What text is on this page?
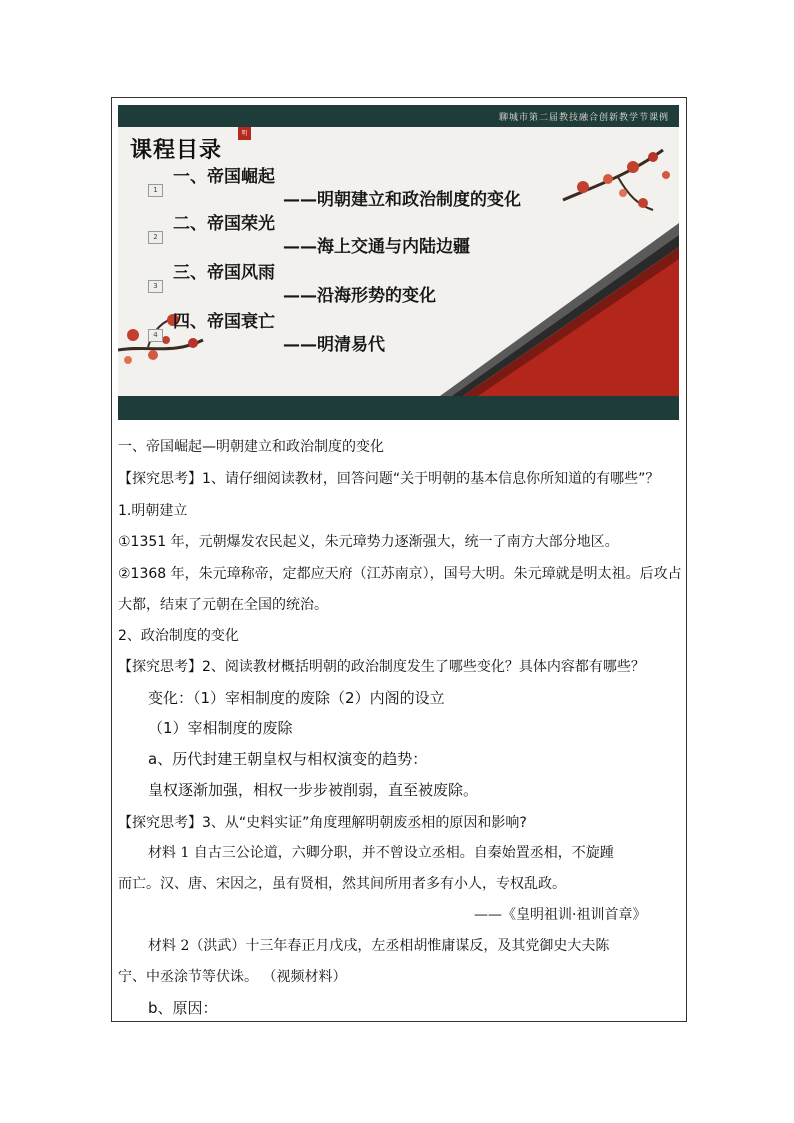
聊城市第二届教技融合创新教学节课例
课程目录
明
1
一、帝国崛起
——明朝建立和政治制度的变化
2
二、帝国荣光
——海上交通与内陆边疆
3
三、帝国风雨
——沿海形势的变化
4
四、帝国衰亡
——明清易代
一、帝国崛起—明朝建立和政治制度的变化
【探究思考】1、请仔细阅读教材，回答问题“关于明朝的基本信息你所知道的有哪些”？
1.明朝建立
①1351 年，元朝爆发农民起义，朱元璋势力逐渐强大，统一了南方大部分地区。
②1368 年，朱元璋称帝，定都应天府（江苏南京），国号大明。朱元璋就是明太祖。后攻占
大都，结束了元朝在全国的统治。
2、政治制度的变化
【探究思考】2、阅读教材概括明朝的政治制度发生了哪些变化？具体内容都有哪些？
变化：（1）宰相制度的废除（2）内阁的设立
（1）宰相制度的废除
a、历代封建王朝皇权与相权演变的趋势：
皇权逐渐加强，相权一步步被削弱，直至被废除。
【探究思考】3、从“史料实证”角度理解明朝废丞相的原因和影响?
材料 1 自古三公论道，六卿分职，并不曾设立丞相。自秦始置丞相，不旋踵
而亡。汉、唐、宋因之，虽有贤相，然其间所用者多有小人，专权乱政。
——《皇明祖训·祖训首章》
材料 2（洪武）十三年春正月戊戌，左丞相胡惟庸谋反，及其党御史大夫陈
宁、中丞涂节等伏诛。 （视频材料）
b、原因：
